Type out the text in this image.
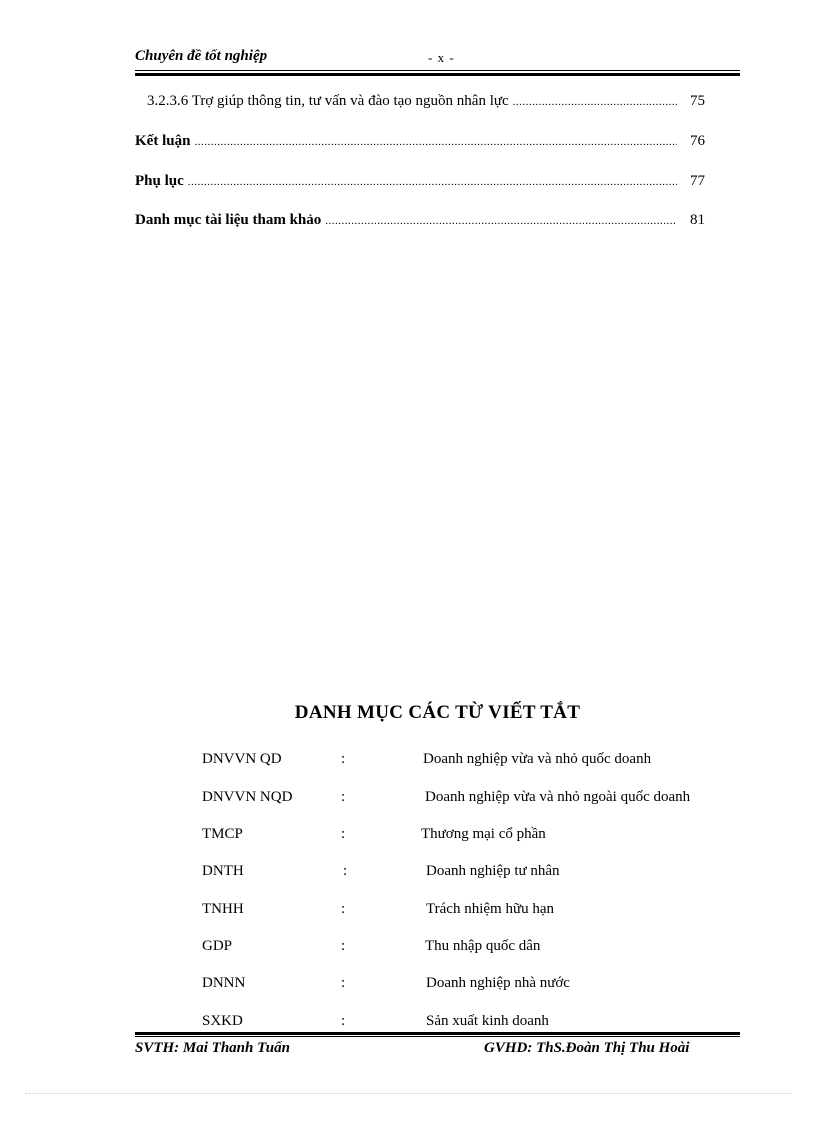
Chuyên đề tốt nghiệp	- x -
3.2.3.6 Trợ giúp thông tin, tư vấn và đào tạo nguồn nhân lực .....	75
Kết luận .....	76
Phụ lục .....	77
Danh mục tài liệu tham khảo .....	81
DANH MỤC CÁC TỪ VIẾT TẮT
DNVVN QD	:	Doanh nghiệp vừa và nhỏ quốc doanh
DNVVN NQD	:	Doanh nghiệp vừa và nhỏ ngoài quốc doanh
TMCP	:	Thương mại cổ phần
DNTH	:	Doanh nghiệp tư nhân
TNHH	:	Trách nhiệm hữu hạn
GDP	:	Thu nhập quốc dân
DNNN	:	Doanh nghiệp nhà nước
SXKD	:	Sản xuất kinh doanh
SVTH: Mai Thanh Tuấn	GVHD: ThS.Đoàn Thị Thu Hoài
